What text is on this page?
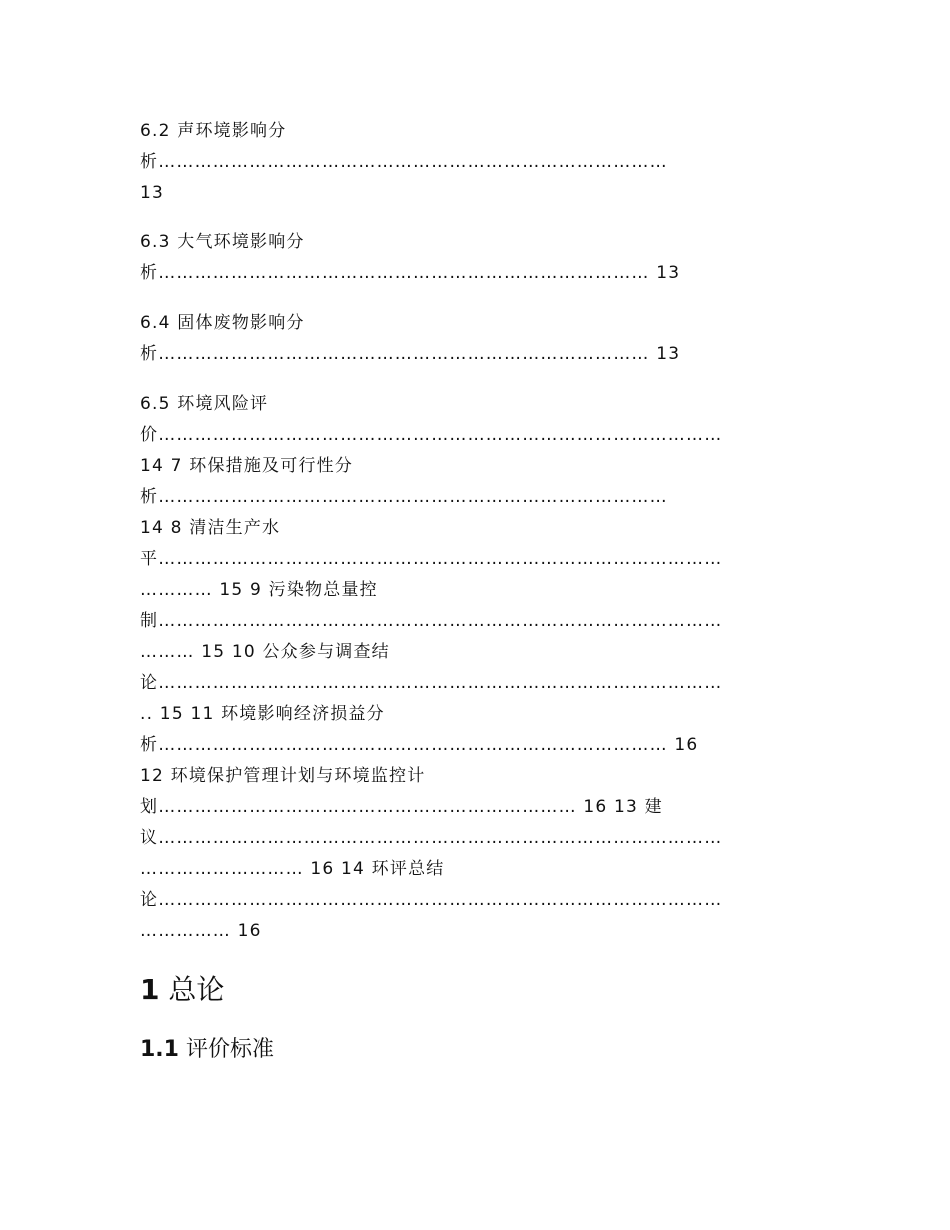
6.2 声环境影响分
析…………………………………………………………………………
13
6.3 大气环境影响分
析……………………………………………………………………… 13
6.4 固体废物影响分
析……………………………………………………………………… 13
6.5 环境风险评
价…………………………………………………………………………………
14 7 环保措施及可行性分
析…………………………………………………………………………
14 8 清洁生产水
平…………………………………………………………………………………
………… 15 9 污染物总量控
制…………………………………………………………………………………
……… 15 10 公众参与调查结
论…………………………………………………………………………………
.. 15 11 环境影响经济损益分
析………………………………………………………………………… 16
12 环境保护管理计划与环境监控计
划…………………………………………………………… 16 13 建
议…………………………………………………………………………………
……………………… 16 14 环评总结
论…………………………………………………………………………………
…………… 16
1 总论
1.1 评价标准
